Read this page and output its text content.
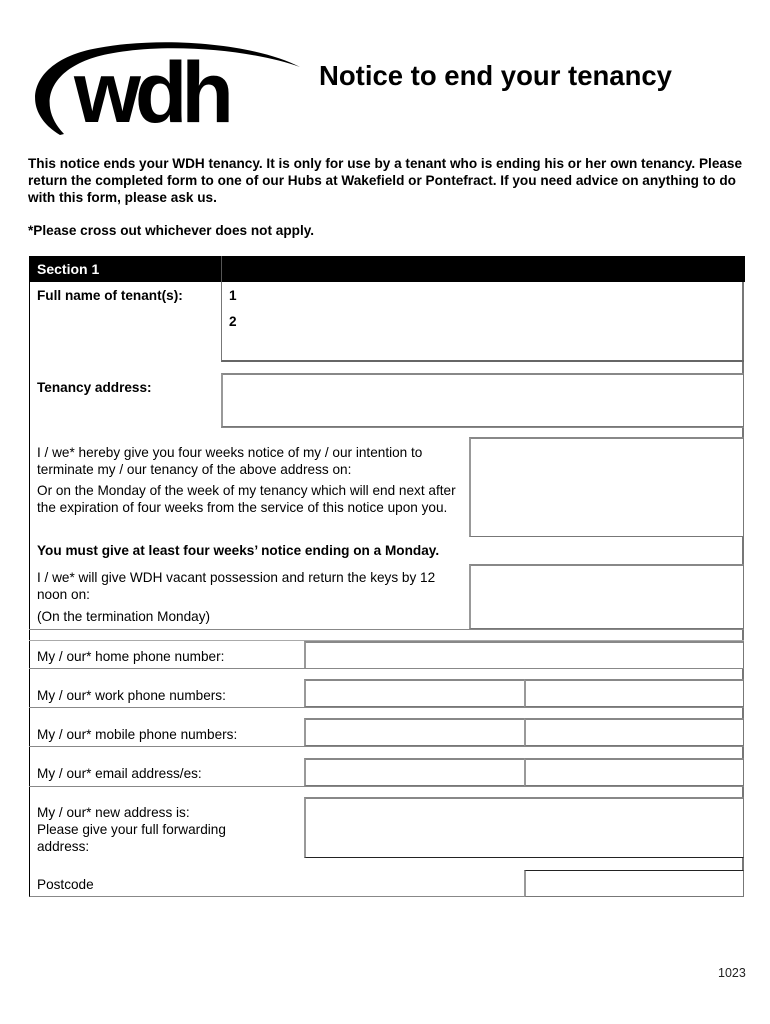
wdh	Notice to end your tenancy
This notice ends your WDH tenancy. It is only for use by a tenant who is ending his or her own tenancy. Please return the completed form to one of our Hubs at Wakefield or Pontefract. If you need advice on anything to do with this form, please ask us.
*Please cross out whichever does not apply.
Section 1
Full name of tenant(s):	1
2
Tenancy address:
I / we* hereby give you four weeks notice of my / our intention to terminate my / our tenancy of the above address on:
Or on the Monday of the week of my tenancy which will end next after the expiration of four weeks from the service of this notice upon you.
You must give at least four weeks’ notice ending on a Monday.
I / we* will give WDH vacant possession and return the keys by 12 noon on:
(On the termination Monday)
My / our* home phone number:
My / our* work phone numbers:
My / our* mobile phone numbers:
My / our* email address/es:
My / our* new address is:
Please give your full forwarding
address:
Postcode
1023
